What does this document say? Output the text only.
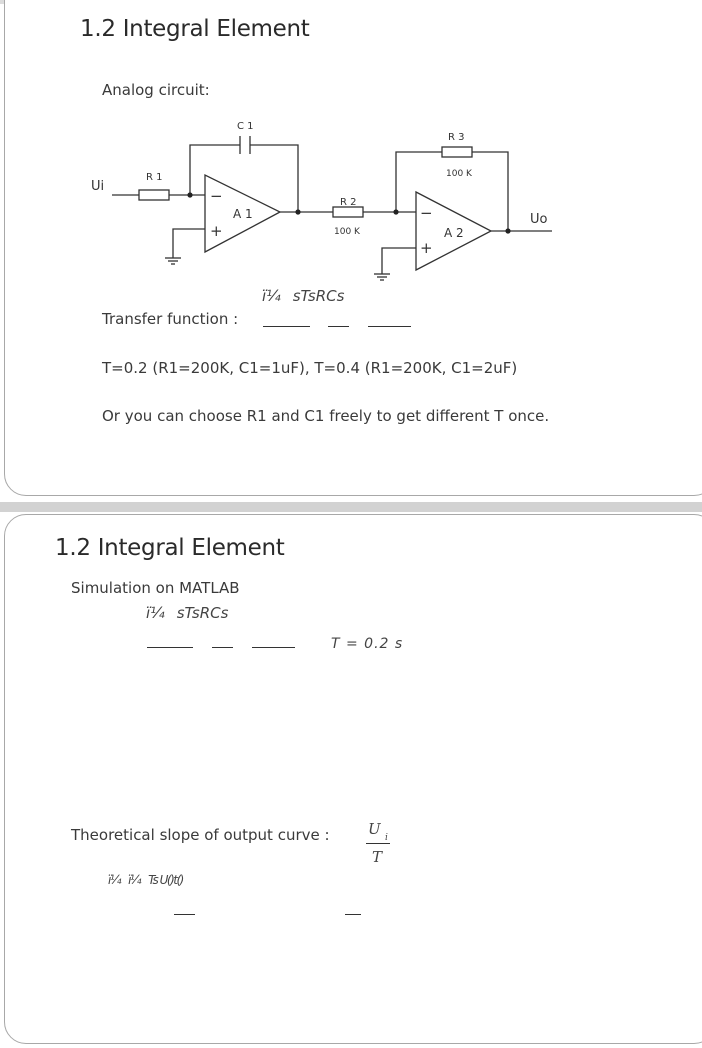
1.2 Integral Element

Analog circuit:

Ui
R 1
C 1
−
+
A 1
R 2
100 K
R 3
100 K
−
+
A 2
Uo

ï¼sTsRCs

Transfer function :

T=0.2 (R1=200K, C1=1uF), T=0.4 (R1=200K, C1=2uF)

Or you can choose R1 and C1 freely to get different T once.

1.2 Integral Element

Simulation on MATLAB

ï¼sTsRCs

T = 0.2 s

Theoretical slope of output curve :	U i
T

ï¼ï¼Ts U()t()
